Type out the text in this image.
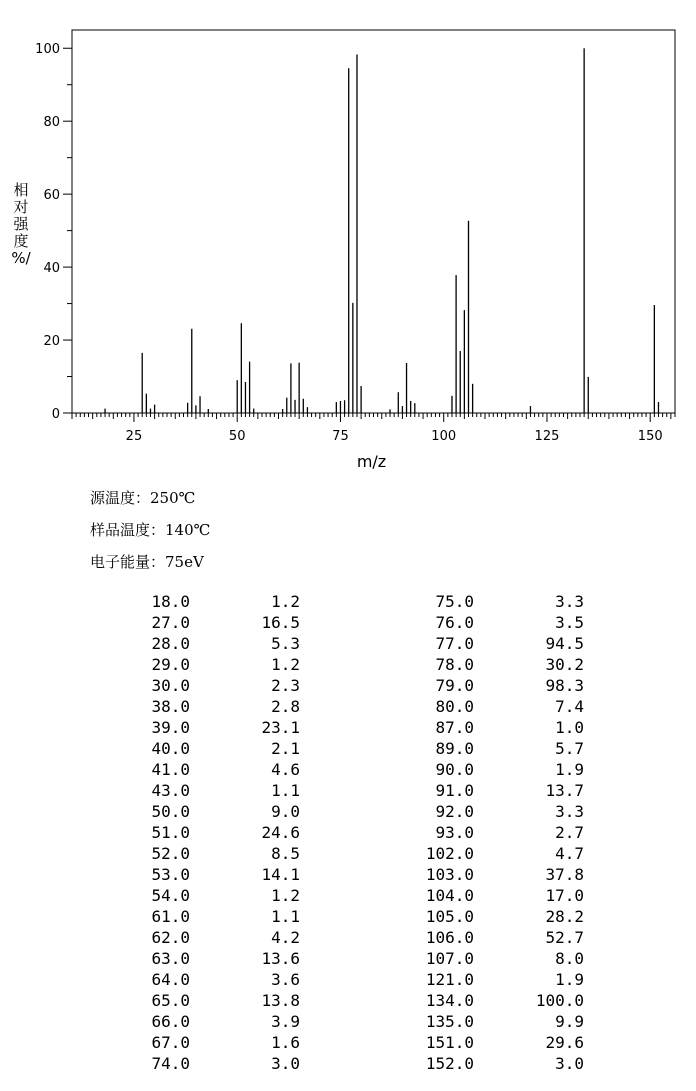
25	50	75	100	125	150
0
20
40
60
80
100
m/z
相
对
强
度
%/
源温度：250℃
样品温度：140℃
电子能量：75eV
18.0	1.2
27.0	16.5
28.0	5.3
29.0	1.2
30.0	2.3
38.0	2.8
39.0	23.1
40.0	2.1
41.0	4.6
43.0	1.1
50.0	9.0
51.0	24.6
52.0	8.5
53.0	14.1
54.0	1.2
61.0	1.1
62.0	4.2
63.0	13.6
64.0	3.6
65.0	13.8
66.0	3.9
67.0	1.6
74.0	3.0
75.0	3.3
76.0	3.5
77.0	94.5
78.0	30.2
79.0	98.3
80.0	7.4
87.0	1.0
89.0	5.7
90.0	1.9
91.0	13.7
92.0	3.3
93.0	2.7
102.0	4.7
103.0	37.8
104.0	17.0
105.0	28.2
106.0	52.7
107.0	8.0
121.0	1.9
134.0	100.0
135.0	9.9
151.0	29.6
152.0	3.0
